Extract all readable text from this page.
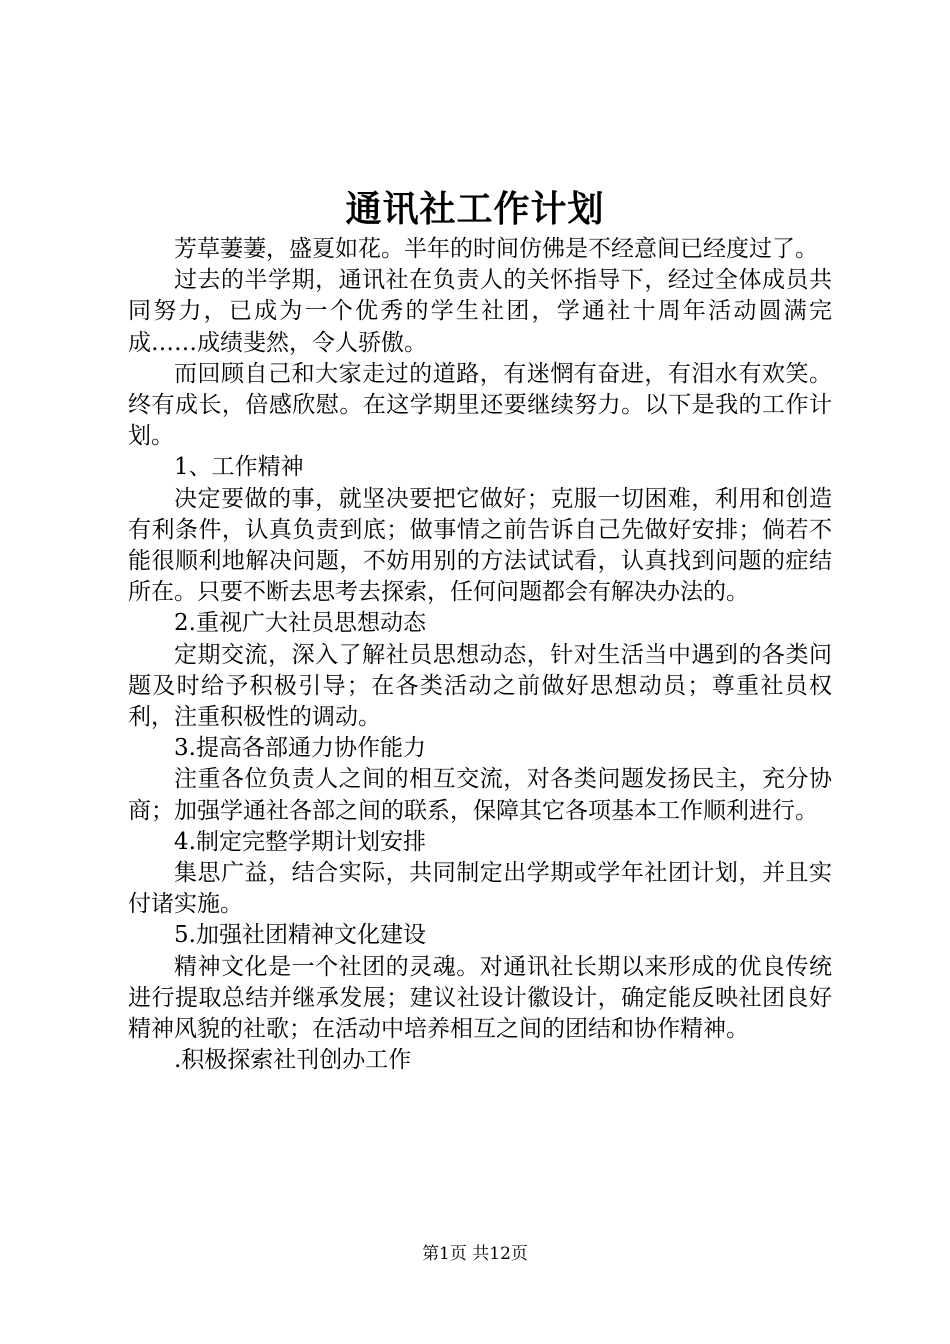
通讯社工作计划

芳草萋萋，盛夏如花。半年的时间仿佛是不经意间已经度过了。

过去的半学期，通讯社在负责人的关怀指导下，经过全体成员共同努力，已成为一个优秀的学生社团，学通社十周年活动圆满完成……成绩斐然，令人骄傲。

而回顾自己和大家走过的道路，有迷惘有奋进，有泪水有欢笑。终有成长，倍感欣慰。在这学期里还要继续努力。以下是我的工作计划。

1、工作精神

决定要做的事，就坚决要把它做好；克服一切困难，利用和创造有利条件，认真负责到底；做事情之前告诉自己先做好安排；倘若不能很顺利地解决问题，不妨用别的方法试试看，认真找到问题的症结所在。只要不断去思考去探索，任何问题都会有解决办法的。

2.重视广大社员思想动态

定期交流，深入了解社员思想动态，针对生活当中遇到的各类问题及时给予积极引导；在各类活动之前做好思想动员；尊重社员权利，注重积极性的调动。

3.提高各部通力协作能力

注重各位负责人之间的相互交流，对各类问题发扬民主，充分协商；加强学通社各部之间的联系，保障其它各项基本工作顺利进行。

4.制定完整学期计划安排

集思广益，结合实际，共同制定出学期或学年社团计划，并且实付诸实施。

5.加强社团精神文化建设

精神文化是一个社团的灵魂。对通讯社长期以来形成的优良传统进行提取总结并继承发展；建议社设计徽设计，确定能反映社团良好精神风貌的社歌；在活动中培养相互之间的团结和协作精神。

.积极探索社刊创办工作

第1页 共12页
